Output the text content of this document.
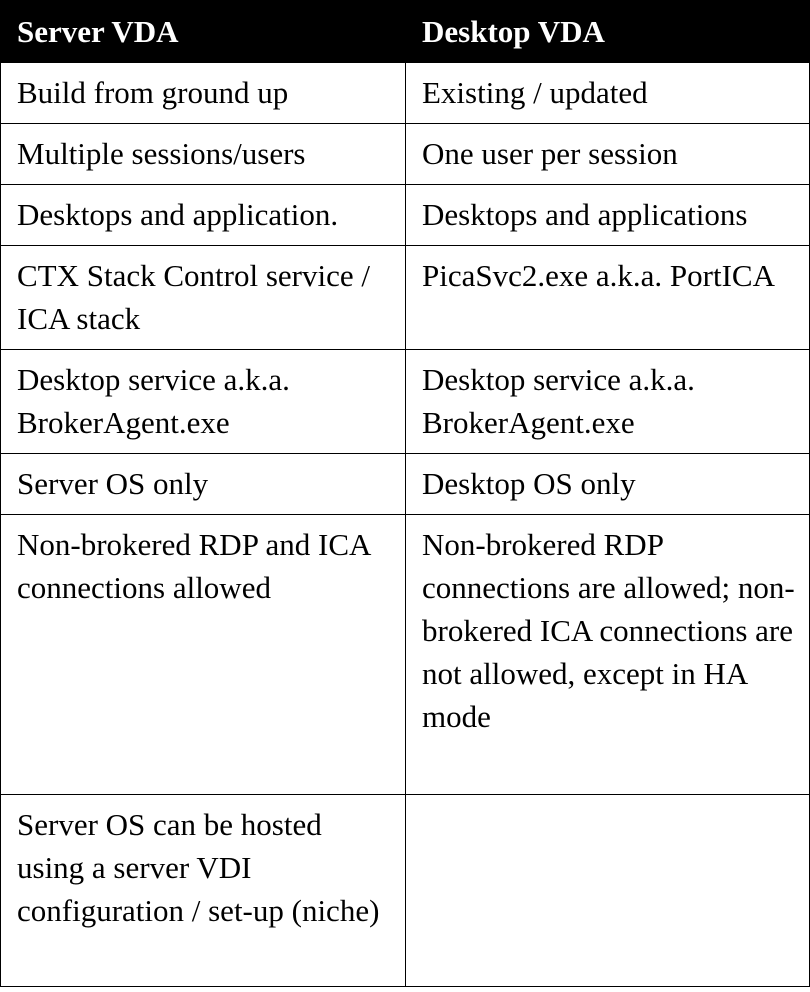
Server VDA	Desktop VDA
Build from ground up	Existing / updated
Multiple sessions/users	One user per session
Desktops and application.	Desktops and applications
CTX Stack Control service / ICA stack	PicaSvc2.exe a.k.a. PortICA
Desktop service a.k.a. BrokerAgent.exe	Desktop service a.k.a. BrokerAgent.exe
Server OS only	Desktop OS only
Non-brokered RDP and ICA connections allowed	Non-brokered RDP connections are allowed; non-brokered ICA connections are not allowed, except in HA mode
Server OS can be hosted using a server VDI configuration / set-up (niche)	
